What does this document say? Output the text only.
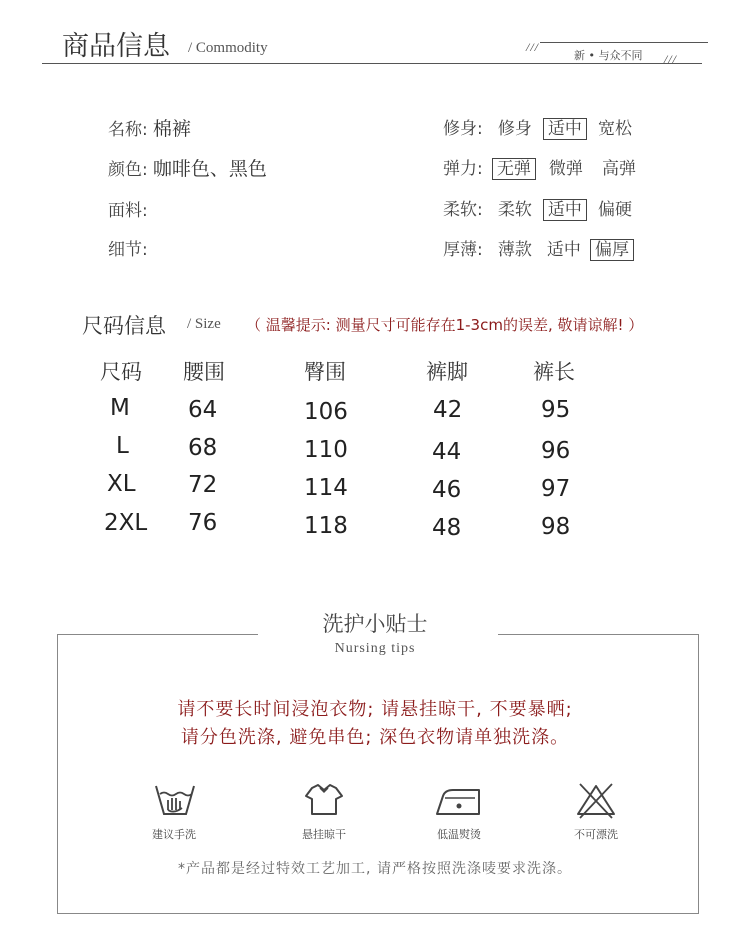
商品信息 / Commodity	///
新 • 与众不同 ///
名称: 棉裤
颜色: 咖啡色、黑色
面料:
细节:
修身: 修身 适中 宽松
弹力: 无弹 微弹 高弹
柔软: 柔软 适中 偏硬
厚薄: 薄款 适中 偏厚
尺码信息 / Size （ 温馨提示: 测量尺寸可能存在1-3cm的误差, 敬请谅解! ）
尺码 腰围	臀围	裤脚	裤长
M	64	106	42	95
L	68	110	44	96
XL 72	114	46	97
2XL 76	118	48	98
洗护小贴士
Nursing tips
请不要长时间浸泡衣物; 请悬挂晾干, 不要暴晒;
请分色洗涤, 避免串色; 深色衣物请单独洗涤。
建议手洗	悬挂晾干	低温熨烫	不可漂洗
*产品都是经过特效工艺加工, 请严格按照洗涤唛要求洗涤。
